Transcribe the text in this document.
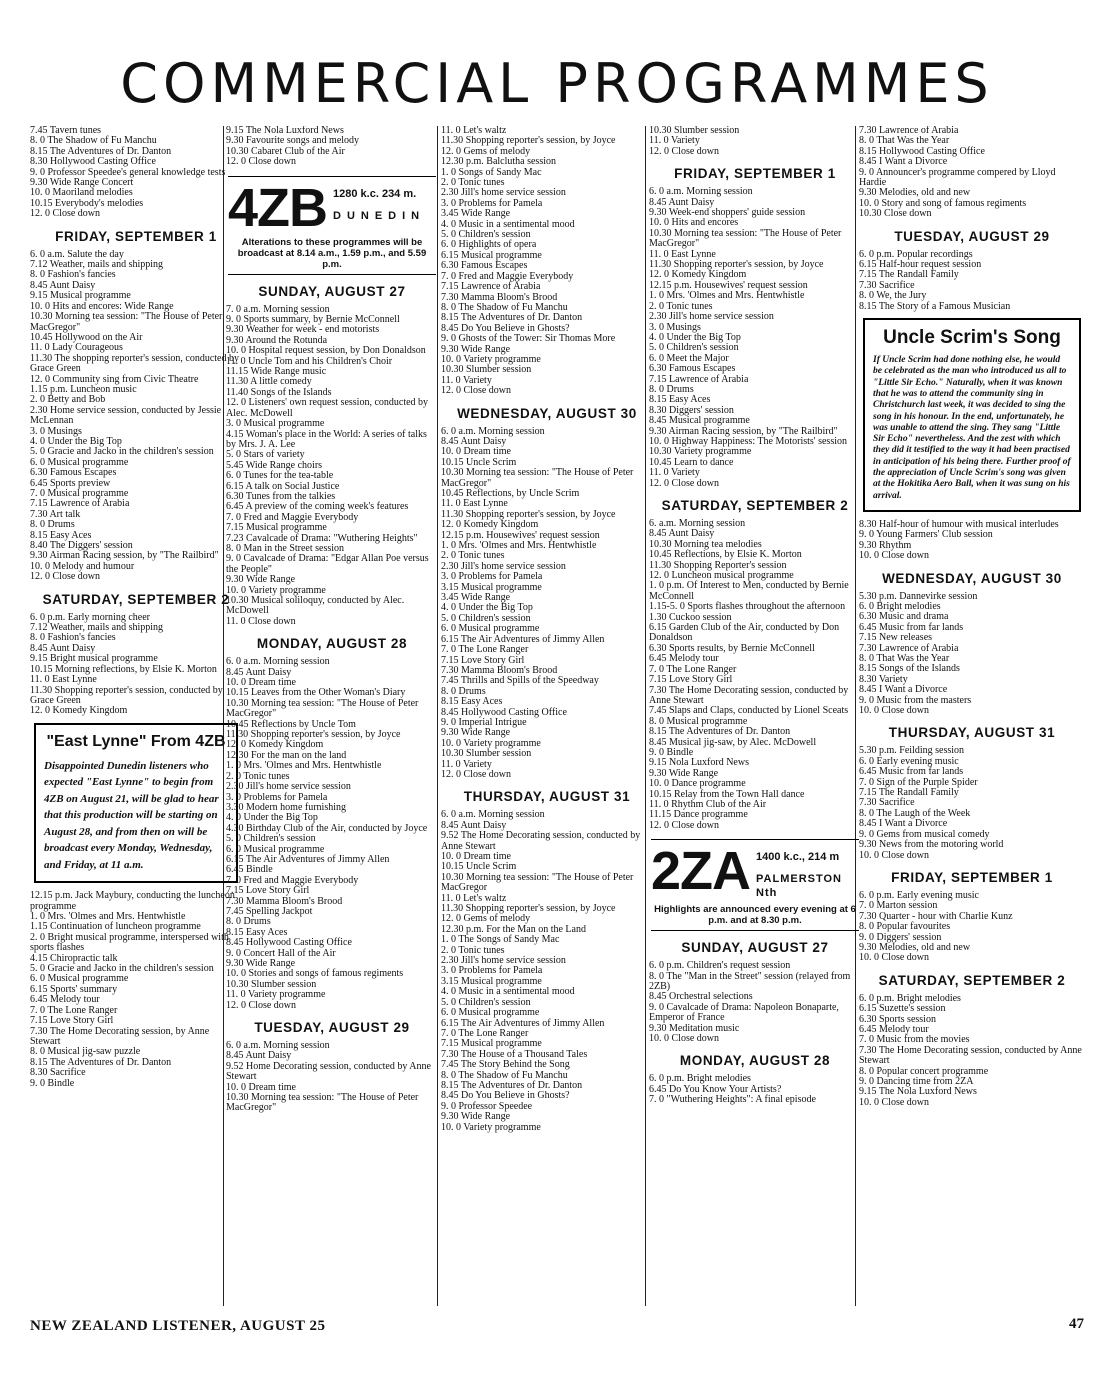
COMMERCIAL PROGRAMMES
7.45 Tavern tunes
8. 0 The Shadow of Fu Manchu
8.15 The Adventures of Dr. Danton
8.30 Hollywood Casting Office
9. 0 Professor Speedee's general knowledge tests
9.30 Wide Range Concert
10. 0 Maoriland melodies
10.15 Everybody's melodies
12. 0 Close down
FRIDAY, SEPTEMBER 1
6. 0 a.m. Salute the day
7.12 Weather, mails and shipping
8. 0 Fashion's fancies
8.45 Aunt Daisy
9.15 Musical programme
10. 0 Hits and encores: Wide Range
10.30 Morning tea session: "The House of Peter MacGregor"
10.45 Hollywood on the Air
11. 0 Lady Courageous
11.30 The shopping reporter's session, conducted by Grace Green
12. 0 Community sing from Civic Theatre
1.15 p.m. Luncheon music
2. 0 Betty and Bob
2.30 Home service session, conducted by Jessie McLennan
3. 0 Musings
4. 0 Under the Big Top
5. 0 Gracie and Jacko in the children's session
6. 0 Musical programme
6.30 Famous Escapes
6.45 Sports preview
7. 0 Musical programme
7.15 Lawrence of Arabia
7.30 Art talk
8. 0 Drums
8.15 Easy Aces
8.40 The Diggers' session
9.30 Airman Racing session, by "The Railbird"
10. 0 Melody and humour
12. 0 Close down
SATURDAY, SEPTEMBER 2
6. 0 p.m. Early morning cheer
7.12 Weather, mails and shipping
8. 0 Fashion's fancies
8.45 Aunt Daisy
9.15 Bright musical programme
10.15 Morning reflections, by Elsie K. Morton
11. 0 East Lynne
11.30 Shopping reporter's session, conducted by Grace Green
12. 0 Komedy Kingdom
"East Lynne" From 4ZB
Disappointed Dunedin listeners who expected "East Lynne" to begin from 4ZB on August 21, will be glad to hear that this production will be starting on August 28, and from then on will be broadcast every Monday, Wednesday, and Friday, at 11 a.m.
12.15 p.m. Jack Maybury, conducting the luncheon programme
1. 0 Mrs. 'Olmes and Mrs. Hentwhistle
1.15 Continuation of luncheon programme
2. 0 Bright musical programme, interspersed with sports flashes
4.15 Chiropractic talk
5. 0 Gracie and Jacko in the children's session
6. 0 Musical programme
6.15 Sports' summary
6.45 Melody tour
7. 0 The Lone Ranger
7.15 Love Story Girl
7.30 The Home Decorating session, by Anne Stewart
8. 0 Musical jig-saw puzzle
8.15 The Adventures of Dr. Danton
8.30 Sacrifice
9. 0 Bindle
9.15 The Nola Luxford News
9.30 Favourite songs and melody
10.30 Cabaret Club of the Air
12. 0 Close down
4ZB 1280 k.c. 234 m.
DUNEDIN
Alterations to these programmes will be broadcast at 8.14 a.m., 1.59 p.m., and 5.59 p.m.
SUNDAY, AUGUST 27
7. 0 a.m. Morning session
9. 0 Sports summary, by Bernie McConnell
9.30 Weather for week - end motorists
9.30 Around the Rotunda
10. 0 Hospital request session, by Don Donaldson
11. 0 Uncle Tom and his Children's Choir
11.15 Wide Range music
11.30 A little comedy
11.40 Songs of the Islands
12. 0 Listeners' own request session, conducted by Alec. McDowell
3. 0 Musical programme
4.15 Woman's place in the World: A series of talks by Mrs. J. A. Lee
5. 0 Stars of variety
5.45 Wide Range choirs
6. 0 Tunes for the tea-table
6.15 A talk on Social Justice
6.30 Tunes from the talkies
6.45 A preview of the coming week's features
7. 0 Fred and Maggie Everybody
7.15 Musical programme
7.23 Cavalcade of Drama: "Wuthering Heights"
8. 0 Man in the Street session
9. 0 Cavalcade of Drama: "Edgar Allan Poe versus the People"
9.30 Wide Range
10. 0 Variety programme
10.30 Musical soliloquy, conducted by Alec. McDowell
11. 0 Close down
MONDAY, AUGUST 28
6. 0 a.m. Morning session
8.45 Aunt Daisy
10. 0 Dream time
10.15 Leaves from the Other Woman's Diary
10.30 Morning tea session: "The House of Peter MacGregor"
10.45 Reflections by Uncle Tom
11.30 Shopping reporter's session, by Joyce
12. 0 Komedy Kingdom
12.30 For the man on the land
1. 0 Mrs. 'Olmes and Mrs. Hentwhistle
2. 0 Tonic tunes
2.30 Jill's home service session
3. 0 Problems for Pamela
3.30 Modern home furnishing
4. 0 Under the Big Top
4.30 Birthday Club of the Air, conducted by Joyce
5. 0 Children's session
6. 0 Musical programme
6.15 The Air Adventures of Jimmy Allen
6.45 Bindle
7. 0 Fred and Maggie Everybody
7.15 Love Story Girl
7.30 Mamma Bloom's Brood
7.45 Spelling Jackpot
8. 0 Drums
8.15 Easy Aces
8.45 Hollywood Casting Office
9. 0 Concert Hall of the Air
9.30 Wide Range
10. 0 Stories and songs of famous regiments
10.30 Slumber session
11. 0 Variety programme
12. 0 Close down
TUESDAY, AUGUST 29
6. 0 a.m. Morning session
8.45 Aunt Daisy
9.52 Home Decorating session, conducted by Anne Stewart
10. 0 Dream time
10.30 Morning tea session: "The House of Peter MacGregor"
11. 0 Let's waltz
11.30 Shopping reporter's session, by Joyce
12. 0 Gems of melody
12.30 p.m. Balclutha session
1. 0 Songs of Sandy Mac
2. 0 Tonic tunes
2.30 Jill's home service session
3. 0 Problems for Pamela
3.45 Wide Range
4. 0 Music in a sentimental mood
5. 0 Children's session
6. 0 Highlights of opera
6.15 Musical programme
6.30 Famous Escapes
7. 0 Fred and Maggie Everybody
7.15 Lawrence of Arabia
7.30 Mamma Bloom's Brood
8. 0 The Shadow of Fu Manchu
8.15 The Adventures of Dr. Danton
8.45 Do You Believe in Ghosts?
9. 0 Ghosts of the Tower: Sir Thomas More
9.30 Wide Range
10. 0 Variety programme
10.30 Slumber session
11. 0 Variety
12. 0 Close down
WEDNESDAY, AUGUST 30
6. 0 a.m. Morning session
8.45 Aunt Daisy
10. 0 Dream time
10.15 Uncle Scrim
10.30 Morning tea session: "The House of Peter MacGregor"
10.45 Reflections, by Uncle Scrim
11. 0 East Lynne
11.30 Shopping reporter's session, by Joyce
12. 0 Komedy Kingdom
12.15 p.m. Housewives' request session
1. 0 Mrs. 'Olmes and Mrs. Hentwhistle
2. 0 Tonic tunes
2.30 Jill's home service session
3. 0 Problems for Pamela
3.15 Musical programme
3.45 Wide Range
4. 0 Under the Big Top
5. 0 Children's session
6. 0 Musical programme
6.15 The Air Adventures of Jimmy Allen
7. 0 The Lone Ranger
7.15 Love Story Girl
7.30 Mamma Bloom's Brood
7.45 Thrills and Spills of the Speedway
8. 0 Drums
8.15 Easy Aces
8.45 Hollywood Casting Office
9. 0 Imperial Intrigue
9.30 Wide Range
10. 0 Variety programme
10.30 Slumber session
11. 0 Variety
12. 0 Close down
THURSDAY, AUGUST 31
6. 0 a.m. Morning session
8.45 Aunt Daisy
9.52 The Home Decorating session, conducted by Anne Stewart
10. 0 Dream time
10.15 Uncle Scrim
10.30 Morning tea session: "The House of Peter MacGregor
11. 0 Let's waltz
11.30 Shopping reporter's session, by Joyce
12. 0 Gems of melody
12.30 p.m. For the Man on the Land
1. 0 The Songs of Sandy Mac
2. 0 Tonic tunes
2.30 Jill's home service session
3. 0 Problems for Pamela
3.15 Musical programme
4. 0 Music in a sentimental mood
5. 0 Children's session
6. 0 Musical programme
6.15 The Air Adventures of Jimmy Allen
7. 0 The Lone Ranger
7.15 Musical programme
7.30 The House of a Thousand Tales
7.45 The Story Behind the Song
8. 0 The Shadow of Fu Manchu
8.15 The Adventures of Dr. Danton
8.45 Do You Believe in Ghosts?
9. 0 Professor Speedee
9.30 Wide Range
10. 0 Variety programme
10.30 Slumber session
11. 0 Variety
12. 0 Close down
FRIDAY, SEPTEMBER 1
6. 0 a.m. Morning session
8.45 Aunt Daisy
9.30 Week-end shoppers' guide session
10. 0 Hits and encores
10.30 Morning tea session: "The House of Peter MacGregor"
11. 0 East Lynne
11.30 Shopping reporter's session, by Joyce
12. 0 Komedy Kingdom
12.15 p.m. Housewives' request session
1. 0 Mrs. 'Olmes and Mrs. Hentwhistle
2. 0 Tonic tunes
2.30 Jill's home service session
3. 0 Musings
4. 0 Under the Big Top
5. 0 Children's session
6. 0 Meet the Major
6.30 Famous Escapes
7.15 Lawrence of Arabia
8. 0 Drums
8.15 Easy Aces
8.30 Diggers' session
8.45 Musical programme
9.30 Airman Racing session, by "The Railbird"
10. 0 Highway Happiness: The Motorists' session
10.30 Variety programme
10.45 Learn to dance
11. 0 Variety
12. 0 Close down
SATURDAY, SEPTEMBER 2
6. a.m. Morning session
8.45 Aunt Daisy
10.30 Morning tea melodies
10.45 Reflections, by Elsie K. Morton
11.30 Shopping Reporter's session
12. 0 Luncheon musical programme
1. 0 p.m. Of Interest to Men, conducted by Bernie McConnell
1.15-5. 0 Sports flashes throughout the afternoon
1.30 Cuckoo session
6.15 Garden Club of the Air, conducted by Don Donaldson
6.30 Sports results, by Bernie McConnell
6.45 Melody tour
7. 0 The Lone Ranger
7.15 Love Story Girl
7.30 The Home Decorating session, conducted by Anne Stewart
7.45 Slaps and Claps, conducted by Lionel Sceats
8. 0 Musical programme
8.15 The Adventures of Dr. Danton
8.45 Musical jig-saw, by Alec. McDowell
9. 0 Bindle
9.15 Nola Luxford News
9.30 Wide Range
10. 0 Dance programme
10.15 Relay from the Town Hall dance
11. 0 Rhythm Club of the Air
11.15 Dance programme
12. 0 Close down
2ZA 1400 k.c., 214 m
PALMERSTON Nth
Highlights are announced every evening at 6 p.m. and at 8.30 p.m.
SUNDAY, AUGUST 27
6. 0 p.m. Children's request session
8. 0 The "Man in the Street" session (relayed from 2ZB)
8.45 Orchestral selections
9. 0 Cavalcade of Drama: Napoleon Bonaparte, Emperor of France
9.30 Meditation music
10. 0 Close down
MONDAY, AUGUST 28
6. 0 p.m. Bright melodies
6.45 Do You Know Your Artists?
7. 0 "Wuthering Heights": A final episode
7.30 Lawrence of Arabia
8. 0 That Was the Year
8.15 Hollywood Casting Office
8.45 I Want a Divorce
9. 0 Announcer's programme compered by Lloyd Hardie
9.30 Melodies, old and new
10. 0 Story and song of famous regiments
10.30 Close down
TUESDAY, AUGUST 29
6. 0 p.m. Popular recordings
6.15 Half-hour request session
7.15 The Randall Family
7.30 Sacrifice
8. 0 We, the Jury
8.15 The Story of a Famous Musician
Uncle Scrim's Song
If Uncle Scrim had done nothing else, he would be celebrated as the man who introduced us all to "Little Sir Echo." Naturally, when it was known that he was to attend the community sing in Christchurch last week, it was decided to sing the song in his honour. In the end, unfortunately, he was unable to attend the sing. They sang "Little Sir Echo" nevertheless. And the zest with which they did it testified to the way it had been practised in anticipation of his being there. Further proof of the appreciation of Uncle Scrim's song was given at the Hokitika Aero Ball, when it was sung on his arrival.
8.30 Half-hour of humour with musical interludes
9. 0 Young Farmers' Club session
9.30 Rhythm
10. 0 Close down
WEDNESDAY, AUGUST 30
5.30 p.m. Dannevirke session
6. 0 Bright melodies
6.30 Music and drama
6.45 Music from far lands
7.15 New releases
7.30 Lawrence of Arabia
8. 0 That Was the Year
8.15 Songs of the Islands
8.30 Variety
8.45 I Want a Divorce
9. 0 Music from the masters
10. 0 Close down
THURSDAY, AUGUST 31
5.30 p.m. Feilding session
6. 0 Early evening music
6.45 Music from far lands
7. 0 Sign of the Purple Spider
7.15 The Randall Family
7.30 Sacrifice
8. 0 The Laugh of the Week
8.45 I Want a Divorce
9. 0 Gems from musical comedy
9.30 News from the motoring world
10. 0 Close down
FRIDAY, SEPTEMBER 1
6. 0 p.m. Early evening music
7. 0 Marton session
7.30 Quarter - hour with Charlie Kunz
8. 0 Popular favourites
9. 0 Diggers' session
9.30 Melodies, old and new
10. 0 Close down
SATURDAY, SEPTEMBER 2
6. 0 p.m. Bright melodies
6.15 Suzette's session
6.30 Sports session
6.45 Melody tour
7. 0 Music from the movies
7.30 The Home Decorating session, conducted by Anne Stewart
8. 0 Popular concert programme
9. 0 Dancing time from 2ZA
9.15 The Nola Luxford News
10. 0 Close down
NEW ZEALAND LISTENER, AUGUST 25	47
